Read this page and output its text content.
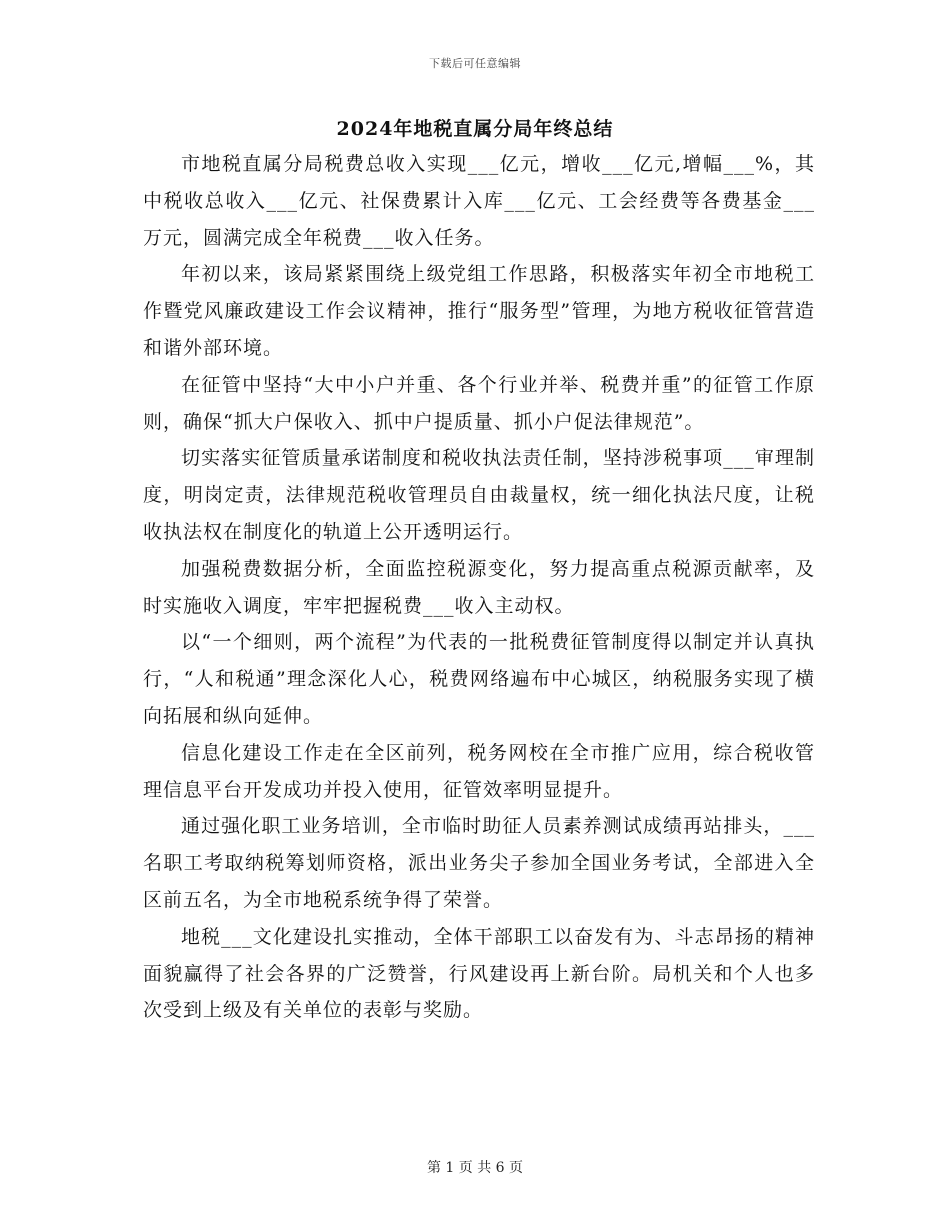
下载后可任意编辑
2024年地税直属分局年终总结

市地税直属分局税费总收入实现___亿元，增收___亿元,增幅___%，其中税收总收入___亿元、社保费累计入库___亿元、工会经费等各费基金___万元，圆满完成全年税费___收入任务。

年初以来，该局紧紧围绕上级党组工作思路，积极落实年初全市地税工作暨党风廉政建设工作会议精神，推行“服务型”管理，为地方税收征管营造和谐外部环境。

在征管中坚持“大中小户并重、各个行业并举、税费并重”的征管工作原则，确保“抓大户保收入、抓中户提质量、抓小户促法律规范”。

切实落实征管质量承诺制度和税收执法责任制，坚持涉税事项___审理制度，明岗定责，法律规范税收管理员自由裁量权，统一细化执法尺度，让税收执法权在制度化的轨道上公开透明运行。

加强税费数据分析，全面监控税源变化，努力提高重点税源贡献率，及时实施收入调度，牢牢把握税费___收入主动权。

以“一个细则，两个流程”为代表的一批税费征管制度得以制定并认真执行，“人和税通”理念深化人心，税费网络遍布中心城区，纳税服务实现了横向拓展和纵向延伸。

信息化建设工作走在全区前列，税务网校在全市推广应用，综合税收管理信息平台开发成功并投入使用，征管效率明显提升。

通过强化职工业务培训，全市临时助征人员素养测试成绩再站排头，___名职工考取纳税筹划师资格，派出业务尖子参加全国业务考试，全部进入全区前五名，为全市地税系统争得了荣誉。

地税___文化建设扎实推动，全体干部职工以奋发有为、斗志昂扬的精神面貌赢得了社会各界的广泛赞誉，行风建设再上新台阶。局机关和个人也多次受到上级及有关单位的表彰与奖励。

第 1 页 共 6 页
